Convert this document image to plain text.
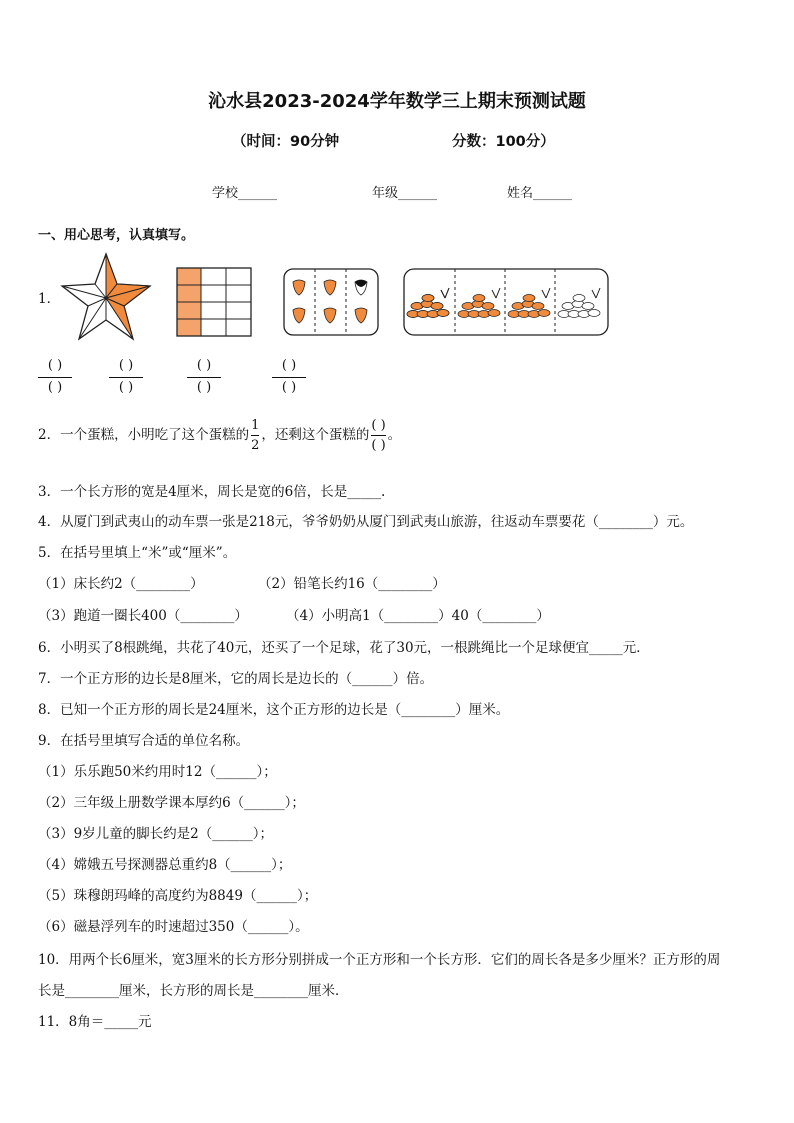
沁水县2023-2024学年数学三上期末预测试题
（时间：90分钟	分数：100分）
学校______	年级______	姓名______
一、用心思考，认真填写。
1．
( )
( )
( )
( )
( )
( )
( )
( )
2．一个蛋糕，小明吃了这个蛋糕的 $\frac{1}{2}$ ，还剩这个蛋糕的
( )
( )
。
3．一个长方形的宽是4厘米，周长是宽的6倍，长是_____.
4．从厦门到武夷山的动车票一张是218元，爷爷奶奶从厦门到武夷山旅游，往返动车票要花（________）元。
5．在括号里填上“米”或“厘米”。
（1）床长约2（________）	（2）铅笔长约16（________）
（3）跑道一圈长400（________）	（4）小明高1（________）40（________）
6．小明买了8根跳绳，共花了40元，还买了一个足球，花了30元，一根跳绳比一个足球便宜_____元．
7．一个正方形的边长是8厘米，它的周长是边长的（______）倍。
8．已知一个正方形的周长是24厘米，这个正方形的边长是（________）厘米。
9．在括号里填写合适的单位名称。
（1）乐乐跑50米约用时12（______）；
（2）三年级上册数学课本厚约6（______）；
（3）9岁儿童的脚长约是2（______）；
（4）嫦娥五号探测器总重约8（______）；
（5）珠穆朗玛峰的高度约为8849（______）；
（6）磁悬浮列车的时速超过350（______）。
10．用两个长6厘米，宽3厘米的长方形分别拼成一个正方形和一个长方形．它们的周长各是多少厘米？正方形的周
长是________厘米，长方形的周长是________厘米．
11．8角＝_____元
